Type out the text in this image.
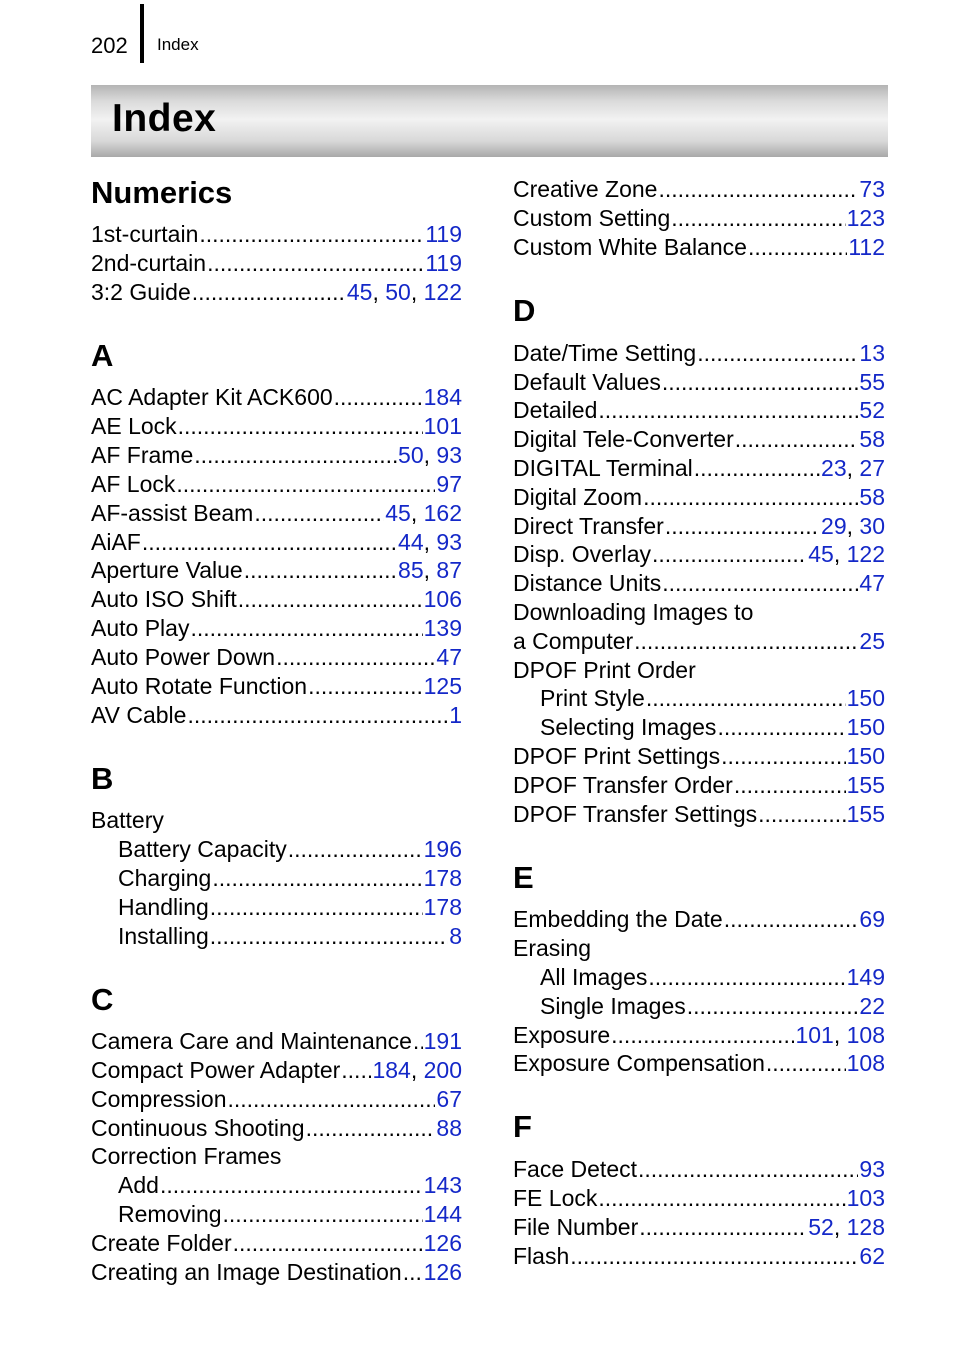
202 Index
Index
Numerics
1st-curtain . . .	119
2nd-curtain . . .	119
3:2 Guide . . .	45, 50, 122
A
AC Adapter Kit ACK600 . . .	184
AE Lock . . .	101
AF Frame . . .	50, 93
AF Lock . . .	97
AF-assist Beam . . .	45, 162
AiAF . . .	44, 93
Aperture Value . . .	85, 87
Auto ISO Shift . . .	106
Auto Play . . .	139
Auto Power Down . . .	47
Auto Rotate Function . . .	125
AV Cable . . .	1
B
Battery
Battery Capacity . . .	196
Charging . . .	178
Handling . . .	178
Installing . . .	8
C
Camera Care and Maintenance . . . 191
Compact Power Adapter . . . 184, 200
Compression . . .	67
Continuous Shooting . . .	88
Correction Frames
Add . . .	143
Removing . . .	144
Create Folder . . .	126
Creating an Image Destination . . . 126
Creative Zone . . .	73
Custom Setting . . .	123
Custom White Balance . . .	112
D
Date/Time Setting . . .	13
Default Values . . .	55
Detailed . . .	52
Digital Tele-Converter . . .	58
DIGITAL Terminal . . .	23, 27
Digital Zoom . . .	58
Direct Transfer . . .	29, 30
Disp. Overlay . . .	45, 122
Distance Units . . .	47
Downloading Images to
a Computer . . .	25
DPOF Print Order
Print Style . . .	150
Selecting Images . . .	150
DPOF Print Settings . . .	150
DPOF Transfer Order . . .	155
DPOF Transfer Settings . . .	155
E
Embedding the Date . . .	69
Erasing
All Images . . .	149
Single Images . . .	22
Exposure . . .	101, 108
Exposure Compensation . . .	108
F
Face Detect . . .	93
FE Lock . . .	103
File Number . . .	52, 128
Flash . . .	62
